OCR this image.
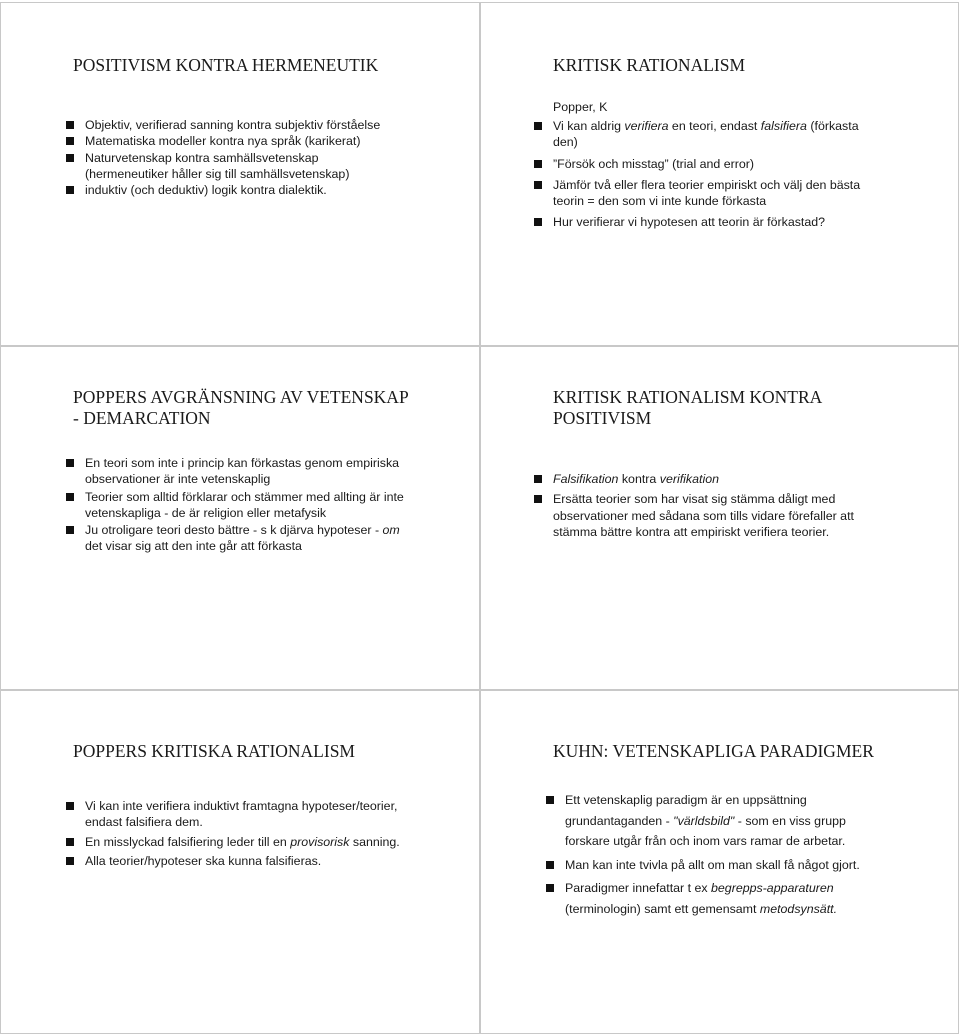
POSITIVISM KONTRA HERMENEUTIK
Objektiv, verifierad sanning kontra subjektiv förståelse
Matematiska modeller kontra nya språk (karikerat)
Naturvetenskap kontra samhällsvetenskap
(hermeneutiker håller sig till samhällsvetenskap)
induktiv (och deduktiv) logik kontra dialektik.
KRITISK RATIONALISM

Popper, K

Vi kan aldrig verifiera en teori, endast falsifiera (förkasta
den)
”Försök och misstag” (trial and error)
Jämför två eller flera teorier empiriskt och välj den bästa
teorin = den som vi inte kunde förkasta
Hur verifierar vi hypotesen att teorin är förkastad?
POPPERS AVGRÄNSNING AV VETENSKAP
- DEMARCATION
En teori som inte i princip kan förkastas genom empiriska
observationer är inte vetenskaplig
Teorier som alltid förklarar och stämmer med allting är inte
vetenskapliga - de är religion eller metafysik
Ju otroligare teori desto bättre - s k djärva hypoteser - om
det visar sig att den inte går att förkasta
KRITISK RATIONALISM KONTRA
POSITIVISM
Falsifikation kontra verifikation
Ersätta teorier som har visat sig stämma dåligt med
observationer med sådana som tills vidare förefaller att
stämma bättre kontra att empiriskt verifiera teorier.
POPPERS KRITISKA RATIONALISM
Vi kan inte verifiera induktivt framtagna hypoteser/teorier,
endast falsifiera dem.
En misslyckad falsifiering leder till en provisorisk sanning.
Alla teorier/hypoteser ska kunna falsifieras.
KUHN: VETENSKAPLIGA PARADIGMER
Ett vetenskaplig paradigm är en uppsättning
grundantaganden - "världsbild" - som en viss grupp
forskare utgår från och inom vars ramar de arbetar.
Man kan inte tvivla på allt om man skall få något gjort.
Paradigmer innefattar t ex begrepps-apparaturen
(terminologin) samt ett gemensamt metodsynsätt.
